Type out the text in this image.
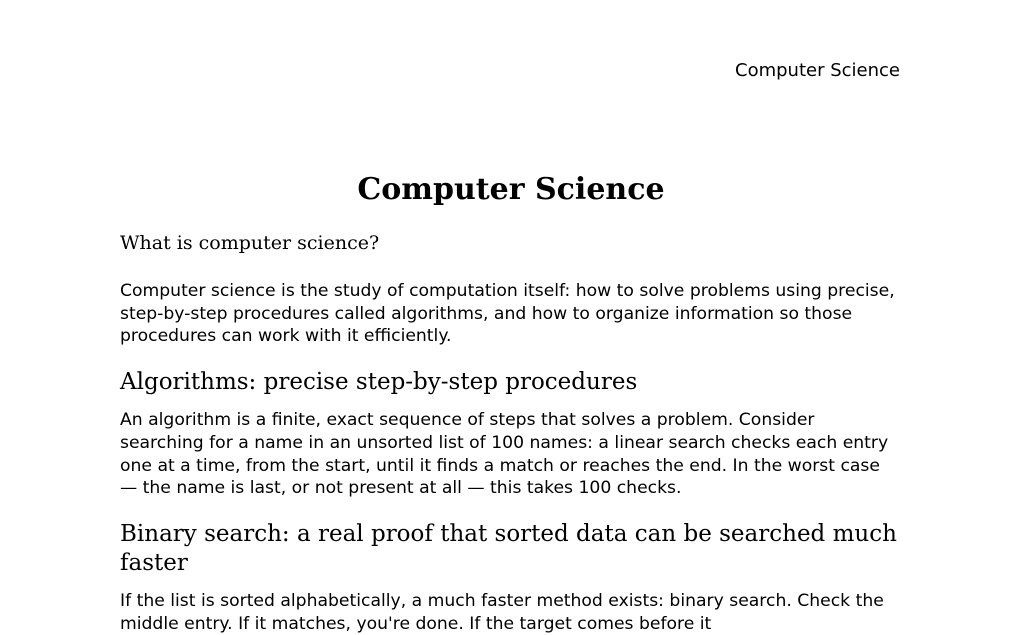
Computer Science
Computer Science
What is computer science?

Computer science is the study of computation itself: how to solve problems using precise, step-by-step procedures called algorithms, and how to organize information so those procedures can work with it efficiently.

Algorithms: precise step-by-step procedures

An algorithm is a finite, exact sequence of steps that solves a problem. Consider searching for a name in an unsorted list of 100 names: a linear search checks each entry one at a time, from the start, until it finds a match or reaches the end. In the worst case — the name is last, or not present at all — this takes 100 checks.

Binary search: a real proof that sorted data can be searched much faster

If the list is sorted alphabetically, a much faster method exists: binary search. Check the middle entry. If it matches, you're done. If the target comes before it
